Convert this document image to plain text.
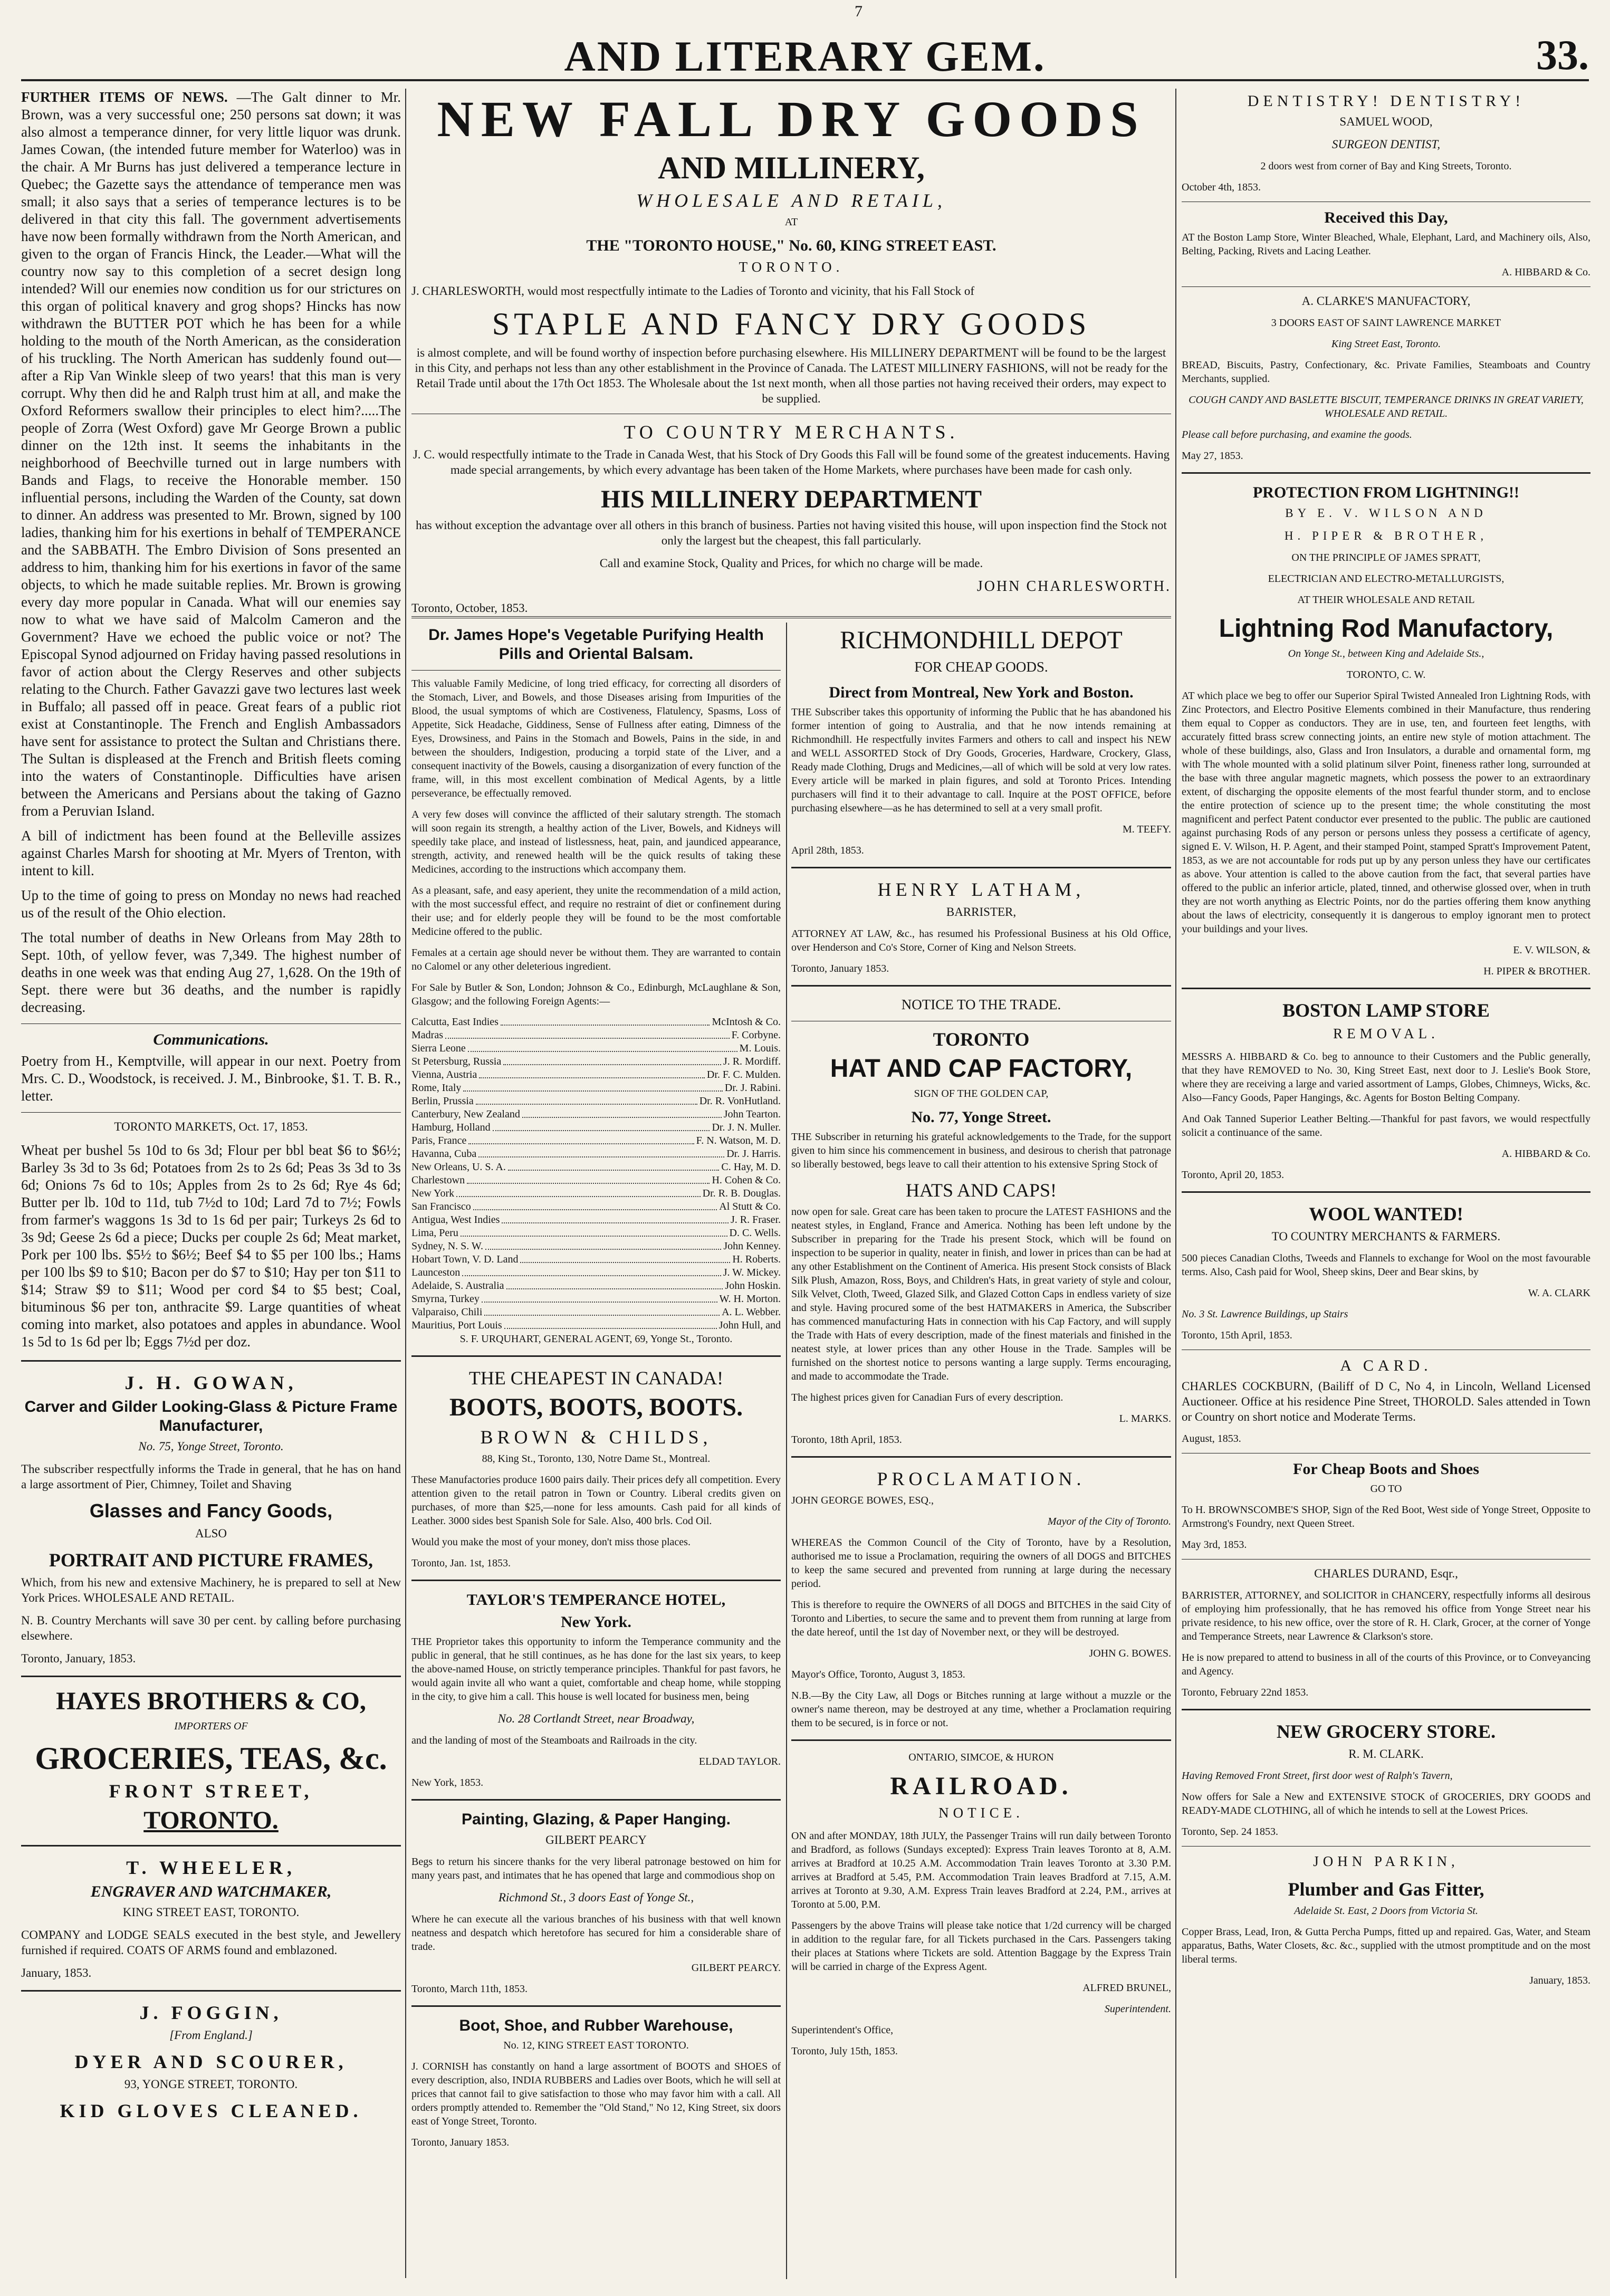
7
AND LITERARY GEM.	33.

FURTHER ITEMS OF NEWS. —The Galt dinner to Mr. Brown, was a very successful one; 250 persons sat down; it was also almost a temperance dinner, for very little liquor was drunk. James Cowan, (the intended future member for Waterloo) was in the chair. A Mr Burns has just delivered a temperance lecture in Quebec; the Gazette says the attendance of temperance men was small; it also says that a series of temperance lectures is to be delivered in that city this fall. The government advertisements have now been formally withdrawn from the North American, and given to the organ of Francis Hinck, the Leader.—What will the country now say to this completion of a secret design long intended? Will our enemies now condition us for our strictures on this organ of political knavery and grog shops? Hincks has now withdrawn the BUTTER POT which he has been for a while holding to the mouth of the North American, as the consideration of his truckling. The North American has suddenly found out—after a Rip Van Winkle sleep of two years! that this man is very corrupt. Why then did he and Ralph trust him at all, and make the Oxford Reformers swallow their principles to elect him?.....The people of Zorra (West Oxford) gave Mr George Brown a public dinner on the 12th inst. It seems the inhabitants in the neighborhood of Beechville turned out in large numbers with Bands and Flags, to receive the Honorable member. 150 influential persons, including the Warden of the County, sat down to dinner. An address was presented to Mr. Brown, signed by 100 ladies, thanking him for his exertions in behalf of TEMPERANCE and the SABBATH. The Embro Division of Sons presented an address to him, thanking him for his exertions in favor of the same objects, to which he made suitable replies. Mr. Brown is growing every day more popular in Canada. What will our enemies say now to what we have said of Malcolm Cameron and the Government? Have we echoed the public voice or not? The Episcopal Synod adjourned on Friday having passed resolutions in favor of action about the Clergy Reserves and other subjects relating to the Church. Father Gavazzi gave two lectures last week in Buffalo; all passed off in peace. Great fears of a public riot exist at Constantinople. The French and English Ambassadors have sent for assistance to protect the Sultan and Christians there. The Sultan is displeased at the French and British fleets coming into the waters of Constantinople. Difficulties have arisen between the Americans and Persians about the taking of Gazno from a Peruvian Island.

A bill of indictment has been found at the Belleville assizes against Charles Marsh for shooting at Mr. Myers of Trenton, with intent to kill.

Up to the time of going to press on Monday no news had reached us of the result of the Ohio election.

The total number of deaths in New Orleans from May 28th to Sept. 10th, of yellow fever, was 7,349. The highest number of deaths in one week was that ending Aug 27, 1,628. On the 19th of Sept. there were but 36 deaths, and the number is rapidly decreasing.

Communications.

Poetry from H., Kemptville, will appear in our next. Poetry from Mrs. C. D., Woodstock, is received. J. M., Binbrooke, $1. T. B. R., letter.

TORONTO MARKETS, Oct. 17, 1853.

Wheat per bushel 5s 10d to 6s 3d; Flour per bbl beat $6 to $6½; Barley 3s 3d to 3s 6d; Potatoes from 2s to 2s 6d; Peas 3s 3d to 3s 6d; Onions 7s 6d to 10s; Apples from 2s to 2s 6d; Rye 4s 6d; Butter per lb. 10d to 11d, tub 7½d to 10d; Lard 7d to 7½; Fowls from farmer's waggons 1s 3d to 1s 6d per pair; Turkeys 2s 6d to 3s 9d; Geese 2s 6d a piece; Ducks per couple 2s 6d; Meat market, Pork per 100 lbs. $5½ to $6½; Beef $4 to $5 per 100 lbs.; Hams per 100 lbs $9 to $10; Bacon per do $7 to $10; Hay per ton $11 to $14; Straw $9 to $11; Wood per cord $4 to $5 best; Coal, bituminous $6 per ton, anthracite $9. Large quantities of wheat coming into market, also potatoes and apples in abundance. Wool 1s 5d to 1s 6d per lb; Eggs 7½d per doz.

J. H. GOWAN,
Carver and Gilder Looking-Glass & Picture Frame Manufacturer,

No. 75, Yonge Street, Toronto.

The subscriber respectfully informs the Trade in general, that he has on hand a large assortment of Pier, Chimney, Toilet and Shaving

Glasses and Fancy Goods,

ALSO

PORTRAIT AND PICTURE FRAMES,

Which, from his new and extensive Machinery, he is prepared to sell at New York Prices. WHOLESALE AND RETAIL.

N. B. Country Merchants will save 30 per cent. by calling before purchasing elsewhere.

Toronto, January, 1853.

HAYES BROTHERS & CO,

IMPORTERS OF

GROCERIES, TEAS, &c.
FRONT STREET,
TORONTO.
T. WHEELER,
ENGRAVER AND WATCHMAKER,

KING STREET EAST, TORONTO.

COMPANY and LODGE SEALS executed in the best style, and Jewellery furnished if required. COATS OF ARMS found and emblazoned.

January, 1853.

J. FOGGIN,

[From England.]

DYER AND SCOURER,

93, YONGE STREET, TORONTO.

KID GLOVES CLEANED.
NEW FALL DRY GOODS
AND MILLINERY,
WHOLESALE AND RETAIL,

AT

THE "TORONTO HOUSE," No. 60, KING STREET EAST.

TORONTO.

J. CHARLESWORTH, would most respectfully intimate to the Ladies of Toronto and vicinity, that his Fall Stock of

STAPLE AND FANCY DRY GOODS

is almost complete, and will be found worthy of inspection before purchasing elsewhere. His MILLINERY DEPARTMENT will be found to be the largest in this City, and perhaps not less than any other establishment in the Province of Canada. The LATEST MILLINERY FASHIONS, will not be ready for the Retail Trade until about the 17th Oct 1853. The Wholesale about the 1st next month, when all those parties not having received their orders, may expect to be supplied.

TO COUNTRY MERCHANTS.

J. C. would respectfully intimate to the Trade in Canada West, that his Stock of Dry Goods this Fall will be found some of the greatest inducements. Having made special arrangements, by which every advantage has been taken of the Home Markets, where purchases have been made for cash only.

HIS MILLINERY DEPARTMENT

has without exception the advantage over all others in this branch of business. Parties not having visited this house, will upon inspection find the Stock not only the largest but the cheapest, this fall particularly.

Call and examine Stock, Quality and Prices, for which no charge will be made.

JOHN CHARLESWORTH.

Toronto, October, 1853.

Dr. James Hope's Vegetable Purifying Health Pills and Oriental Balsam.

This valuable Family Medicine, of long tried efficacy, for correcting all disorders of the Stomach, Liver, and Bowels, and those Diseases arising from Impurities of the Blood, the usual symptoms of which are Costiveness, Flatulency, Spasms, Loss of Appetite, Sick Headache, Giddiness, Sense of Fullness after eating, Dimness of the Eyes, Drowsiness, and Pains in the Stomach and Bowels, Pains in the side, in and between the shoulders, Indigestion, producing a torpid state of the Liver, and a consequent inactivity of the Bowels, causing a disorganization of every function of the frame, will, in this most excellent combination of Medical Agents, by a little perseverance, be effectually removed.

A very few doses will convince the afflicted of their salutary strength. The stomach will soon regain its strength, a healthy action of the Liver, Bowels, and Kidneys will speedily take place, and instead of listlessness, heat, pain, and jaundiced appearance, strength, activity, and renewed health will be the quick results of taking these Medicines, according to the instructions which accompany them.

As a pleasant, safe, and easy aperient, they unite the recommendation of a mild action, with the most successful effect, and require no restraint of diet or confinement during their use; and for elderly people they will be found to be the most comfortable Medicine offered to the public.

Females at a certain age should never be without them. They are warranted to contain no Calomel or any other deleterious ingredient.

For Sale by Butler & Son, London; Johnson & Co., Edinburgh, McLaughlane & Son, Glasgow; and the following Foreign Agents:—

Calcutta, East Indies	McIntosh & Co.
Madras	F. Corbyne.
Sierra Leone	M. Louis.
St Petersburg, Russia	J. R. Mordiff.
Vienna, Austria	Dr. F. C. Mulden.
Rome, Italy	Dr. J. Rabini.
Berlin, Prussia	Dr. R. VonHutland.
Canterbury, New Zealand	John Tearton.
Hamburg, Holland	Dr. J. N. Muller.
Paris, France	F. N. Watson, M. D.
Havanna, Cuba	Dr. J. Harris.
New Orleans, U. S. A.	C. Hay, M. D.
Charlestown	H. Cohen & Co.
New York	Dr. R. B. Douglas.
San Francisco	Al Stutt & Co.
Antigua, West Indies	J. R. Fraser.
Lima, Peru	D. C. Wells.
Sydney, N. S. W.	John Kenney.
Hobart Town, V. D. Land	H. Roberts.
Launceston	J. W. Mickey.
Adelaide, S. Australia	John Hoskin.
Smyrna, Turkey	W. H. Morton.
Valparaiso, Chili	A. L. Webber.
Mauritius, Port Louis	John Hull, and

S. F. URQUHART, GENERAL AGENT, 69, Yonge St., Toronto.

THE CHEAPEST IN CANADA!
BOOTS, BOOTS, BOOTS.
BROWN & CHILDS,

88, King St., Toronto, 130, Notre Dame St., Montreal.

These Manufactories produce 1600 pairs daily. Their prices defy all competition. Every attention given to the retail patron in Town or Country. Liberal credits given on purchases, of more than $25,—none for less amounts. Cash paid for all kinds of Leather. 3000 sides best Spanish Sole for Sale. Also, 400 brls. Cod Oil.

Would you make the most of your money, don't miss those places.

Toronto, Jan. 1st, 1853.

TAYLOR'S TEMPERANCE HOTEL,
New York.

THE Proprietor takes this opportunity to inform the Temperance community and the public in general, that he still continues, as he has done for the last six years, to keep the above-named House, on strictly temperance principles. Thankful for past favors, he would again invite all who want a quiet, comfortable and cheap home, while stopping in the city, to give him a call. This house is well located for business men, being

No. 28 Cortlandt Street, near Broadway,

and the landing of most of the Steamboats and Railroads in the city.

ELDAD TAYLOR.

New York, 1853.

Painting, Glazing, & Paper Hanging.

GILBERT PEARCY

Begs to return his sincere thanks for the very liberal patronage bestowed on him for many years past, and intimates that he has opened that large and commodious shop on

Richmond St., 3 doors East of Yonge St.,

Where he can execute all the various branches of his business with that well known neatness and despatch which heretofore has secured for him a considerable share of trade.

GILBERT PEARCY.

Toronto, March 11th, 1853.

Boot, Shoe, and Rubber Warehouse,

No. 12, KING STREET EAST TORONTO.

J. CORNISH has constantly on hand a large assortment of BOOTS and SHOES of every description, also, INDIA RUBBERS and Ladies over Boots, which he will sell at prices that cannot fail to give satisfaction to those who may favor him with a call. All orders promptly attended to. Remember the "Old Stand," No 12, King Street, six doors east of Yonge Street, Toronto.

Toronto, January 1853.

RICHMONDHILL DEPOT

FOR CHEAP GOODS.

Direct from Montreal, New York and Boston.

THE Subscriber takes this opportunity of informing the Public that he has abandoned his former intention of going to Australia, and that he now intends remaining at Richmondhill. He respectfully invites Farmers and others to call and inspect his NEW and WELL ASSORTED Stock of Dry Goods, Groceries, Hardware, Crockery, Glass, Ready made Clothing, Drugs and Medicines,—all of which will be sold at very low rates. Every article will be marked in plain figures, and sold at Toronto Prices. Intending purchasers will find it to their advantage to call. Inquire at the POST OFFICE, before purchasing elsewhere—as he has determined to sell at a very small profit.

M. TEEFY.

April 28th, 1853.

HENRY LATHAM,

BARRISTER,

ATTORNEY AT LAW, &c., has resumed his Professional Business at his Old Office, over Henderson and Co's Store, Corner of King and Nelson Streets.

Toronto, January 1853.

NOTICE TO THE TRADE.

TORONTO
HAT AND CAP FACTORY,

SIGN OF THE GOLDEN CAP,

No. 77, Yonge Street.

THE Subscriber in returning his grateful acknowledgements to the Trade, for the support given to him since his commencement in business, and desirous to cherish that patronage so liberally bestowed, begs leave to call their attention to his extensive Spring Stock of

HATS AND CAPS!

now open for sale. Great care has been taken to procure the LATEST FASHIONS and the neatest styles, in England, France and America. Nothing has been left undone by the Subscriber in preparing for the Trade his present Stock, which will be found on inspection to be superior in quality, neater in finish, and lower in prices than can be had at any other Establishment on the Continent of America. His present Stock consists of Black Silk Plush, Amazon, Ross, Boys, and Children's Hats, in great variety of style and colour, Silk Velvet, Cloth, Tweed, Glazed Silk, and Glazed Cotton Caps in endless variety of size and style. Having procured some of the best HATMAKERS in America, the Subscriber has commenced manufacturing Hats in connection with his Cap Factory, and will supply the Trade with Hats of every description, made of the finest materials and finished in the neatest style, at lower prices than any other House in the Trade. Samples will be furnished on the shortest notice to persons wanting a large supply. Terms encouraging, and made to accommodate the Trade.

The highest prices given for Canadian Furs of every description.

L. MARKS.

Toronto, 18th April, 1853.

PROCLAMATION.

JOHN GEORGE BOWES, ESQ.,

Mayor of the City of Toronto.

WHEREAS the Common Council of the City of Toronto, have by a Resolution, authorised me to issue a Proclamation, requiring the owners of all DOGS and BITCHES to keep the same secured and prevented from running at large during the necessary period.

This is therefore to require the OWNERS of all DOGS and BITCHES in the said City of Toronto and Liberties, to secure the same and to prevent them from running at large from the date hereof, until the 1st day of November next, or they will be destroyed.

JOHN G. BOWES.

Mayor's Office, Toronto, August 3, 1853.

N.B.—By the City Law, all Dogs or Bitches running at large without a muzzle or the owner's name thereon, may be destroyed at any time, whether a Proclamation requiring them to be secured, is in force or not.

ONTARIO, SIMCOE, & HURON

RAILROAD.

NOTICE.

ON and after MONDAY, 18th JULY, the Passenger Trains will run daily between Toronto and Bradford, as follows (Sundays excepted): Express Train leaves Toronto at 8, A.M. arrives at Bradford at 10.25 A.M. Accommodation Train leaves Toronto at 3.30 P.M. arrives at Bradford at 5.45, P.M. Accommodation Train leaves Bradford at 7.15, A.M. arrives at Toronto at 9.30, A.M. Express Train leaves Bradford at 2.24, P.M., arrives at Toronto at 5.00, P.M.

Passengers by the above Trains will please take notice that 1/2d currency will be charged in addition to the regular fare, for all Tickets purchased in the Cars. Passengers taking their places at Stations where Tickets are sold. Attention Baggage by the Express Train will be carried in charge of the Express Agent.

ALFRED BRUNEL,

Superintendent.

Superintendent's Office,

Toronto, July 15th, 1853.

DENTISTRY! DENTISTRY!

SAMUEL WOOD,

SURGEON DENTIST,

2 doors west from corner of Bay and King Streets, Toronto.

October 4th, 1853.

Received this Day,

AT the Boston Lamp Store, Winter Bleached, Whale, Elephant, Lard, and Machinery oils, Also, Belting, Packing, Rivets and Lacing Leather.

A. HIBBARD & Co.

A. CLARKE'S MANUFACTORY,

3 DOORS EAST OF SAINT LAWRENCE MARKET

King Street East, Toronto.

BREAD, Biscuits, Pastry, Confectionary, &c. Private Families, Steamboats and Country Merchants, supplied.

COUGH CANDY AND BASLETTE BISCUIT, TEMPERANCE DRINKS IN GREAT VARIETY, WHOLESALE AND RETAIL.

Please call before purchasing, and examine the goods.

May 27, 1853.

PROTECTION FROM LIGHTNING!!

BY E. V. WILSON AND

H. PIPER & BROTHER,

ON THE PRINCIPLE OF JAMES SPRATT,

ELECTRICIAN AND ELECTRO-METALLURGISTS,

AT THEIR WHOLESALE AND RETAIL

Lightning Rod Manufactory,

On Yonge St., between King and Adelaide Sts.,

TORONTO, C. W.

AT which place we beg to offer our Superior Spiral Twisted Annealed Iron Lightning Rods, with Zinc Protectors, and Electro Positive Elements combined in their Manufacture, thus rendering them equal to Copper as conductors. They are in use, ten, and fourteen feet lengths, with accurately fitted brass screw connecting joints, an entire new style of motion attachment. The whole of these buildings, also, Glass and Iron Insulators, a durable and ornamental form, mg with The whole mounted with a solid platinum silver Point, fineness rather long, surrounded at the base with three angular magnetic magnets, which possess the power to an extraordinary extent, of discharging the opposite elements of the most fearful thunder storm, and to enclose the entire protection of science up to the present time; the whole constituting the most magnificent and perfect Patent conductor ever presented to the public. The public are cautioned against purchasing Rods of any person or persons unless they possess a certificate of agency, signed E. V. Wilson, H. P. Agent, and their stamped Point, stamped Spratt's Improvement Patent, 1853, as we are not accountable for rods put up by any person unless they have our certificates as above. Your attention is called to the above caution from the fact, that several parties have offered to the public an inferior article, plated, tinned, and otherwise glossed over, when in truth they are not worth anything as Electric Points, nor do the parties offering them know anything about the laws of electricity, consequently it is dangerous to employ ignorant men to protect your buildings and your lives.

E. V. WILSON, &

H. PIPER & BROTHER.

BOSTON LAMP STORE

REMOVAL.

MESSRS A. HIBBARD & Co. beg to announce to their Customers and the Public generally, that they have REMOVED to No. 30, King Street East, next door to J. Leslie's Book Store, where they are receiving a large and varied assortment of Lamps, Globes, Chimneys, Wicks, &c. Also—Fancy Goods, Paper Hangings, &c. Agents for Boston Belting Company.

And Oak Tanned Superior Leather Belting.—Thankful for past favors, we would respectfully solicit a continuance of the same.

A. HIBBARD & Co.

Toronto, April 20, 1853.

WOOL WANTED!

TO COUNTRY MERCHANTS & FARMERS.

500 pieces Canadian Cloths, Tweeds and Flannels to exchange for Wool on the most favourable terms. Also, Cash paid for Wool, Sheep skins, Deer and Bear skins, by

W. A. CLARK

No. 3 St. Lawrence Buildings, up Stairs

Toronto, 15th April, 1853.

A CARD.

CHARLES COCKBURN, (Bailiff of D C, No 4, in Lincoln, Welland Licensed Auctioneer. Office at his residence Pine Street, THOROLD. Sales attended in Town or Country on short notice and Moderate Terms.

August, 1853.

For Cheap Boots and Shoes

GO TO

To H. BROWNSCOMBE'S SHOP, Sign of the Red Boot, West side of Yonge Street, Opposite to Armstrong's Foundry, next Queen Street.

May 3rd, 1853.

CHARLES DURAND, Esqr.,

BARRISTER, ATTORNEY, and SOLICITOR in CHANCERY, respectfully informs all desirous of employing him professionally, that he has removed his office from Yonge Street near his private residence, to his new office, over the store of R. H. Clark, Grocer, at the corner of Yonge and Temperance Streets, near Lawrence & Clarkson's store.

He is now prepared to attend to business in all of the courts of this Province, or to Conveyancing and Agency.

Toronto, February 22nd 1853.

NEW GROCERY STORE.

R. M. CLARK.

Having Removed Front Street, first door west of Ralph's Tavern,

Now offers for Sale a New and EXTENSIVE STOCK of GROCERIES, DRY GOODS and READY-MADE CLOTHING, all of which he intends to sell at the Lowest Prices.

Toronto, Sep. 24 1853.

JOHN PARKIN,

Plumber and Gas Fitter,

Adelaide St. East, 2 Doors from Victoria St.

Copper Brass, Lead, Iron, & Gutta Percha Pumps, fitted up and repaired. Gas, Water, and Steam apparatus, Baths, Water Closets, &c. &c., supplied with the utmost promptitude and on the most liberal terms.

January, 1853.
